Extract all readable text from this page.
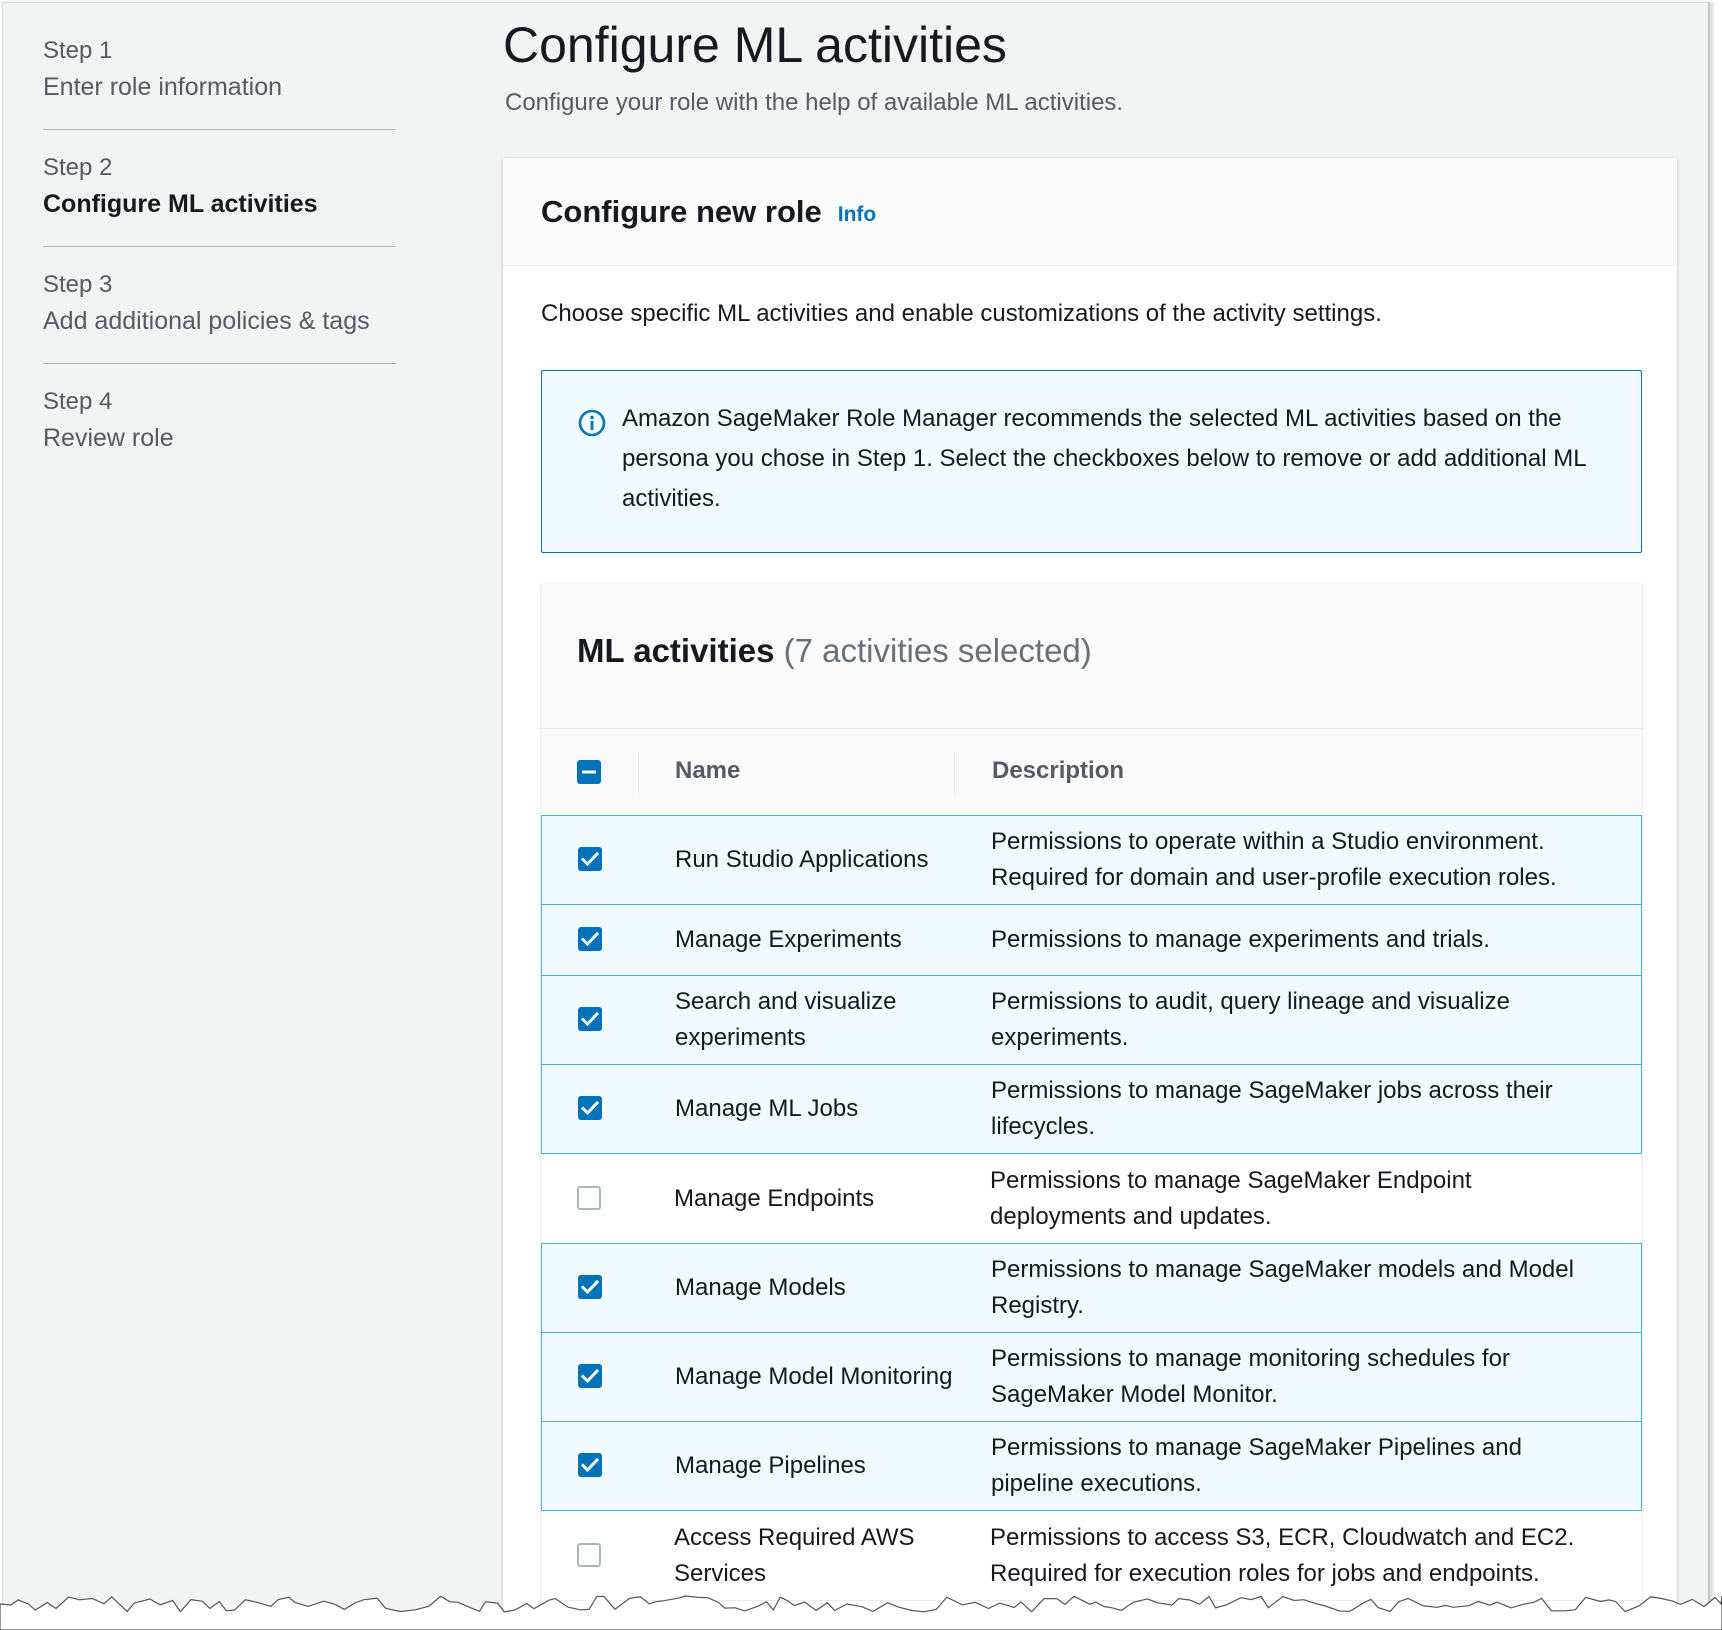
Step 1
Enter role information
Step 2
Configure ML activities
Step 3
Add additional policies & tags
Step 4
Review role
Configure ML activities
Configure your role with the help of available ML activities.
Configure new role Info
Choose specific ML activities and enable customizations of the activity settings.
Amazon SageMaker Role Manager recommends the selected ML activities based on the persona you chose in Step 1. Select the checkboxes below to remove or add additional ML activities.
ML activities (7 activities selected)
Name	Description
Run Studio Applications
Permissions to operate within a Studio environment. Required for domain and user-profile execution roles.
Manage Experiments	Permissions to manage experiments and trials.
Search and visualize experiments
Permissions to audit, query lineage and visualize experiments.
Manage ML Jobs
Permissions to manage SageMaker jobs across their lifecycles.
Manage Endpoints
Permissions to manage SageMaker Endpoint deployments and updates.
Manage Models
Permissions to manage SageMaker models and Model Registry.
Manage Model Monitoring
Permissions to manage monitoring schedules for SageMaker Model Monitor.
Manage Pipelines
Permissions to manage SageMaker Pipelines and pipeline executions.
Access Required AWS Services
Permissions to access S3, ECR, Cloudwatch and EC2. Required for execution roles for jobs and endpoints.
